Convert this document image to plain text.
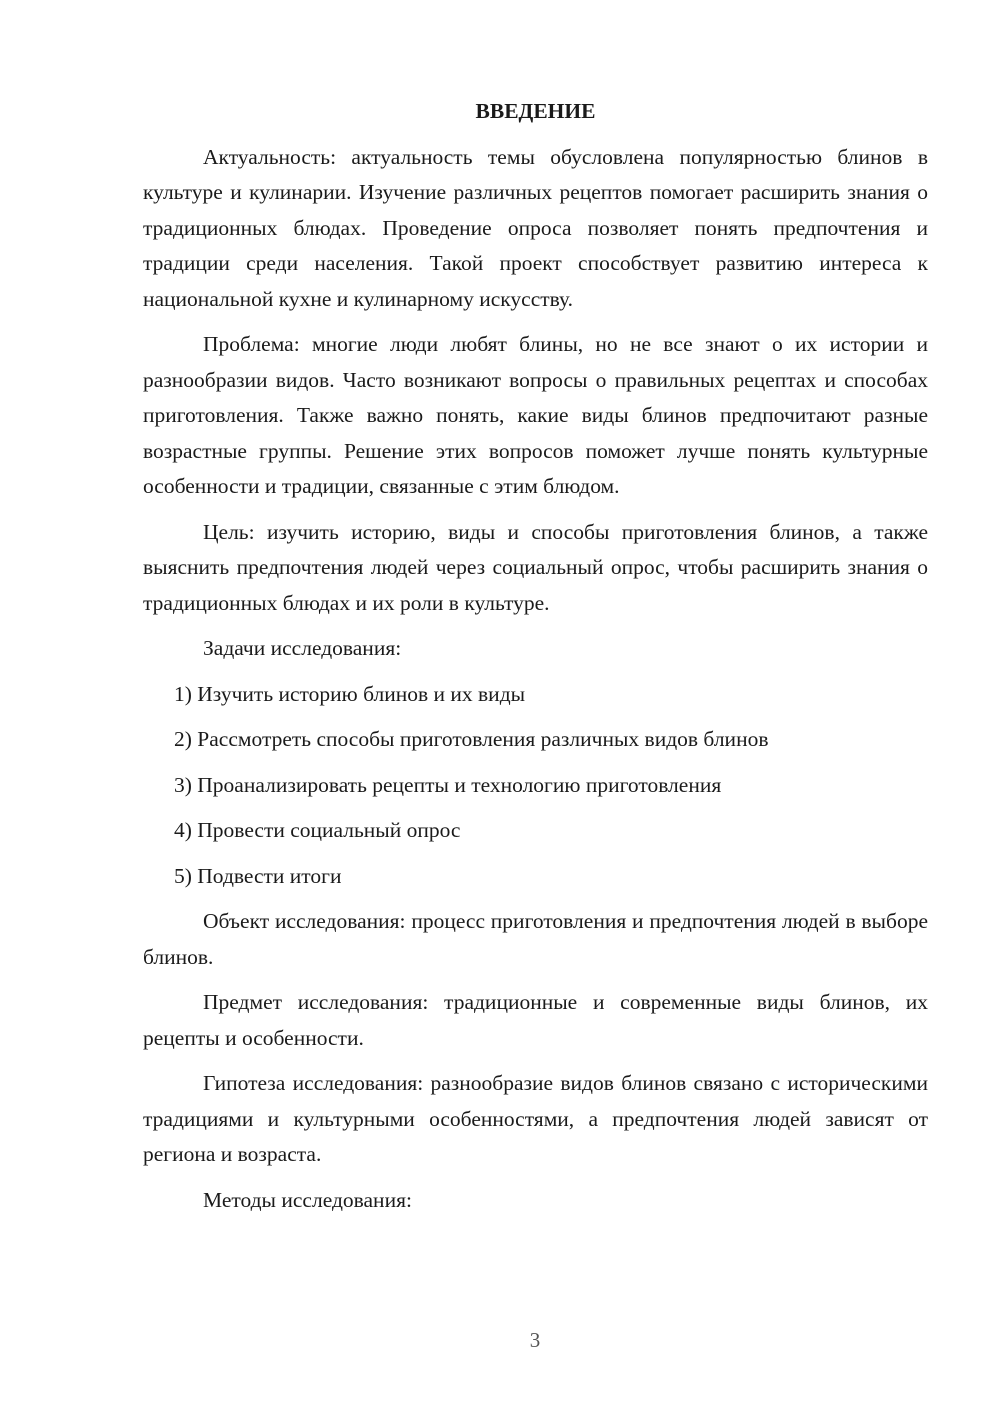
ВВЕДЕНИЕ

Актуальность: актуальность темы обусловлена популярностью блинов в культуре и кулинарии. Изучение различных рецептов помогает расширить знания о традиционных блюдах. Проведение опроса позволяет понять предпочтения и традиции среди населения. Такой проект способствует развитию интереса к национальной кухне и кулинарному искусству.

Проблема: многие люди любят блины, но не все знают о их истории и разнообразии видов. Часто возникают вопросы о правильных рецептах и способах приготовления. Также важно понять, какие виды блинов предпочитают разные возрастные группы. Решение этих вопросов поможет лучше понять культурные особенности и традиции, связанные с этим блюдом.

Цель: изучить историю, виды и способы приготовления блинов, а также выяснить предпочтения людей через социальный опрос, чтобы расширить знания о традиционных блюдах и их роли в культуре.

Задачи исследования:

1) Изучить историю блинов и их виды
2) Рассмотреть способы приготовления различных видов блинов
3) Проанализировать рецепты и технологию приготовления
4) Провести социальный опрос
5) Подвести итоги

Объект исследования: процесс приготовления и предпочтения людей в выборе блинов.

Предмет исследования: традиционные и современные виды блинов, их рецепты и особенности.

Гипотеза исследования: разнообразие видов блинов связано с историческими традициями и культурными особенностями, а предпочтения людей зависят от региона и возраста.

Методы исследования:

3
